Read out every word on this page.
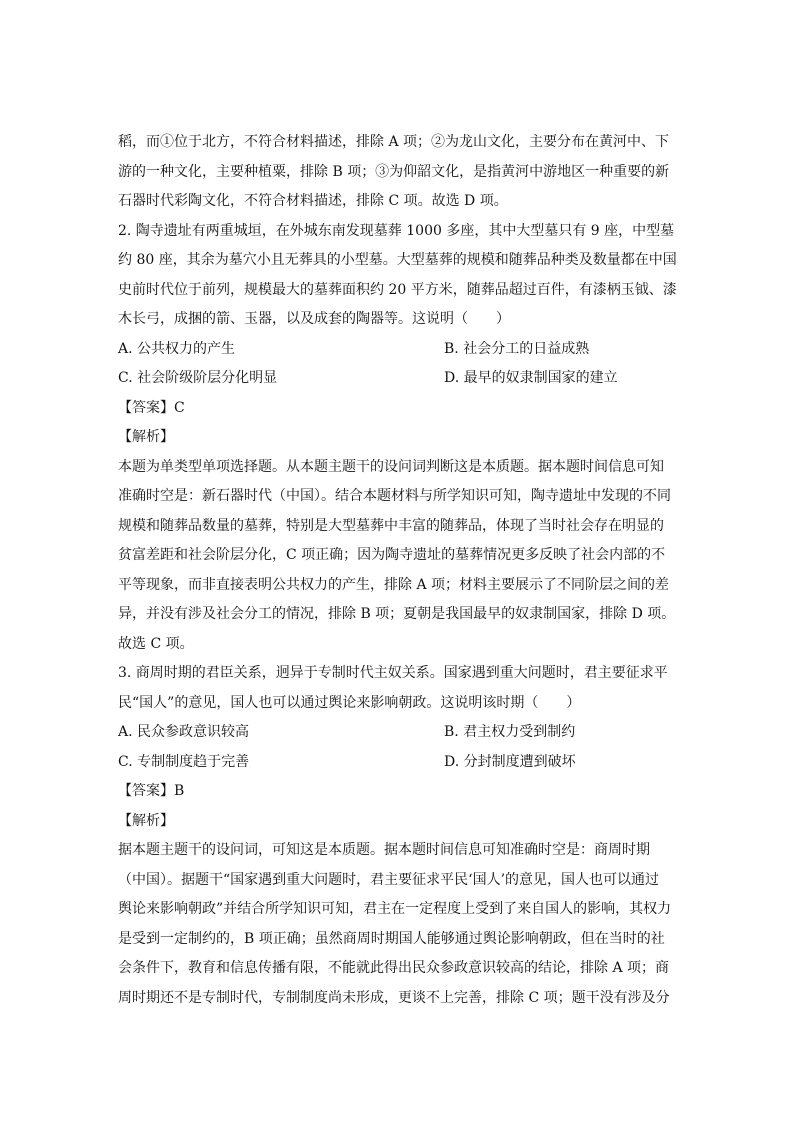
稻，而①位于北方，不符合材料描述，排除 A 项；②为龙山文化，主要分布在黄河中、下
游的一种文化，主要种植粟，排除 B 项；③为仰韶文化，是指黄河中游地区一种重要的新
石器时代彩陶文化，不符合材料描述，排除 C 项。故选 D 项。
2. 陶寺遗址有两重城垣，在外城东南发现墓葬 1000 多座，其中大型墓只有 9 座，中型墓
约 80 座，其余为墓穴小且无葬具的小型墓。大型墓葬的规模和随葬品种类及数量都在中国
史前时代位于前列，规模最大的墓葬面积约 20 平方米，随葬品超过百件，有漆柄玉钺、漆
木长弓，成捆的箭、玉器，以及成套的陶器等。这说明（　　）
A. 公共权力的产生	B. 社会分工的日益成熟
C. 社会阶级阶层分化明显	D. 最早的奴隶制国家的建立
【答案】C
【解析】
本题为单类型单项选择题。从本题主题干的设问词判断这是本质题。据本题时间信息可知
准确时空是：新石器时代（中国）。结合本题材料与所学知识可知，陶寺遗址中发现的不同
规模和随葬品数量的墓葬，特别是大型墓葬中丰富的随葬品，体现了当时社会存在明显的
贫富差距和社会阶层分化，C 项正确；因为陶寺遗址的墓葬情况更多反映了社会内部的不
平等现象，而非直接表明公共权力的产生，排除 A 项；材料主要展示了不同阶层之间的差
异，并没有涉及社会分工的情况，排除 B 项；夏朝是我国最早的奴隶制国家，排除 D 项。
故选 C 项。
3. 商周时期的君臣关系，迥异于专制时代主奴关系。国家遇到重大问题时，君主要征求平
民“国人”的意见，国人也可以通过舆论来影响朝政。这说明该时期（　　）
A. 民众参政意识较高	B. 君主权力受到制约
C. 专制制度趋于完善	D. 分封制度遭到破坏
【答案】B
【解析】
据本题主题干的设问词，可知这是本质题。据本题时间信息可知准确时空是：商周时期
（中国）。据题干“国家遇到重大问题时，君主要征求平民‘国人’的意见，国人也可以通过
舆论来影响朝政”并结合所学知识可知，君主在一定程度上受到了来自国人的影响，其权力
是受到一定制约的，B 项正确；虽然商周时期国人能够通过舆论影响朝政，但在当时的社
会条件下，教育和信息传播有限，不能就此得出民众参政意识较高的结论，排除 A 项；商
周时期还不是专制时代，专制制度尚未形成，更谈不上完善，排除 C 项；题干没有涉及分
